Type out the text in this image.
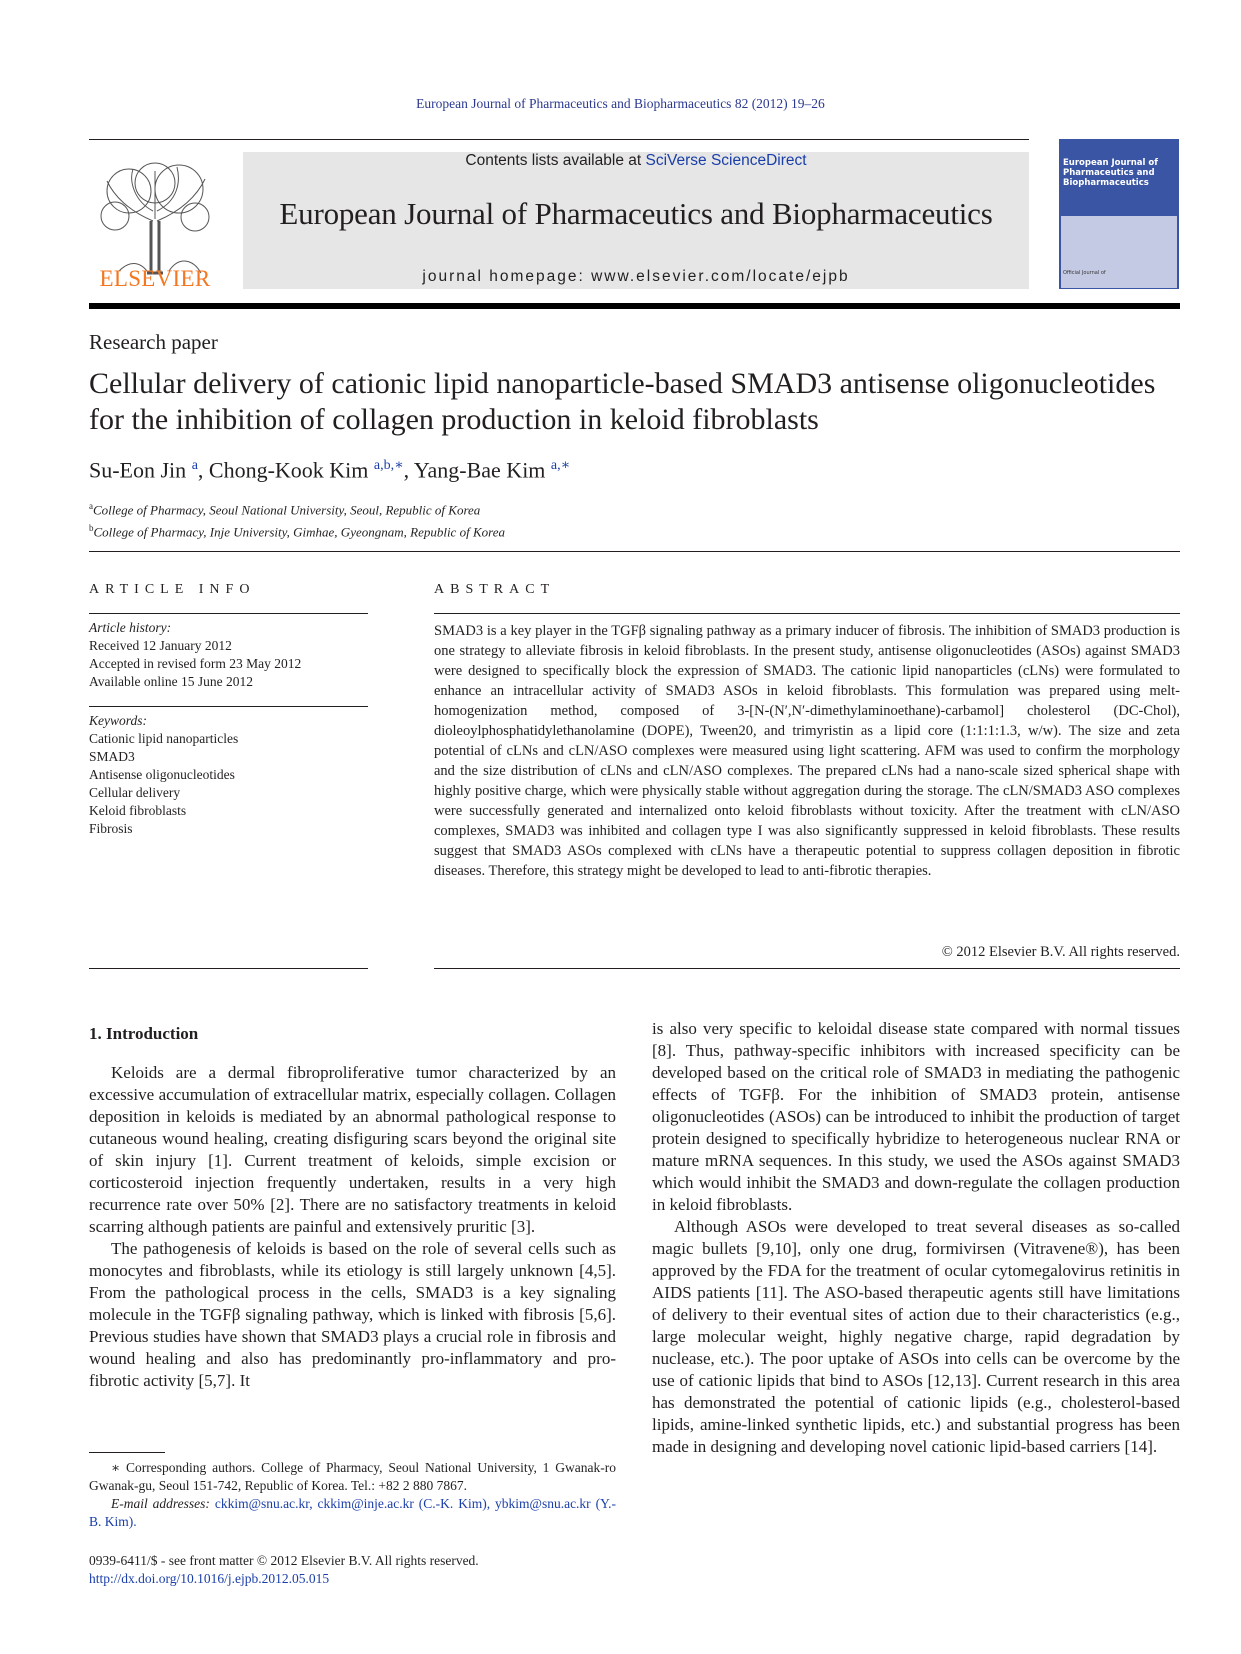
European Journal of Pharmaceutics and Biopharmaceutics 82 (2012) 19–26
ELSEVIER
Contents lists available at SciVerse ScienceDirect
European Journal of Pharmaceutics and Biopharmaceutics
journal homepage: www.elsevier.com/locate/ejpb
European Journal of Pharmaceutics and Biopharmaceutics
Official Journal of
Research paper
Cellular delivery of cationic lipid nanoparticle-based SMAD3 antisense oligonucleotides for the inhibition of collagen production in keloid fibroblasts
Su-Eon Jin $^a$, Chong-Kook Kim $^{a,b,∗}$, Yang-Bae Kim $^{a,∗}$
$^a$College of Pharmacy, Seoul National University, Seoul, Republic of Korea
$^b$College of Pharmacy, Inje University, Gimhae, Gyeongnam, Republic of Korea
ARTICLE INFO
Article history:
Received 12 January 2012
Accepted in revised form 23 May 2012
Available online 15 June 2012
Keywords:
Cationic lipid nanoparticles
SMAD3
Antisense oligonucleotides
Cellular delivery
Keloid fibroblasts
Fibrosis
ABSTRACT
SMAD3 is a key player in the TGFβ signaling pathway as a primary inducer of fibrosis. The inhibition of SMAD3 production is one strategy to alleviate fibrosis in keloid fibroblasts. In the present study, antisense oligonucleotides (ASOs) against SMAD3 were designed to specifically block the expression of SMAD3. The cationic lipid nanoparticles (cLNs) were formulated to enhance an intracellular activity of SMAD3 ASOs in keloid fibroblasts. This formulation was prepared using melt-homogenization method, composed of 3-[N-(N′,N′-dimethylaminoethane)-carbamol] cholesterol (DC-Chol), dioleoylphosphatidylethanolamine (DOPE), Tween20, and trimyristin as a lipid core (1:1:1:1.3, w/w). The size and zeta potential of cLNs and cLN/ASO complexes were measured using light scattering. AFM was used to confirm the morphology and the size distribution of cLNs and cLN/ASO complexes. The prepared cLNs had a nano-scale sized spherical shape with highly positive charge, which were physically stable without aggregation during the storage. The cLN/SMAD3 ASO complexes were successfully generated and internalized onto keloid fibroblasts without toxicity. After the treatment with cLN/ASO complexes, SMAD3 was inhibited and collagen type I was also significantly suppressed in keloid fibroblasts. These results suggest that SMAD3 ASOs complexed with cLNs have a therapeutic potential to suppress collagen deposition in fibrotic diseases. Therefore, this strategy might be developed to lead to anti-fibrotic therapies.
© 2012 Elsevier B.V. All rights reserved.
1. Introduction

Keloids are a dermal fibroproliferative tumor characterized by an excessive accumulation of extracellular matrix, especially collagen. Collagen deposition in keloids is mediated by an abnormal pathological response to cutaneous wound healing, creating disfiguring scars beyond the original site of skin injury [1]. Current treatment of keloids, simple excision or corticosteroid injection frequently undertaken, results in a very high recurrence rate over 50% [2]. There are no satisfactory treatments in keloid scarring although patients are painful and extensively pruritic [3].

The pathogenesis of keloids is based on the role of several cells such as monocytes and fibroblasts, while its etiology is still largely unknown [4,5]. From the pathological process in the cells, SMAD3 is a key signaling molecule in the TGFβ signaling pathway, which is linked with fibrosis [5,6]. Previous studies have shown that SMAD3 plays a crucial role in fibrosis and wound healing and also has predominantly pro-inflammatory and pro-fibrotic activity [5,7]. It

is also very specific to keloidal disease state compared with normal tissues [8]. Thus, pathway-specific inhibitors with increased specificity can be developed based on the critical role of SMAD3 in mediating the pathogenic effects of TGFβ. For the inhibition of SMAD3 protein, antisense oligonucleotides (ASOs) can be introduced to inhibit the production of target protein designed to specifically hybridize to heterogeneous nuclear RNA or mature mRNA sequences. In this study, we used the ASOs against SMAD3 which would inhibit the SMAD3 and down-regulate the collagen production in keloid fibroblasts.

Although ASOs were developed to treat several diseases as so-called magic bullets [9,10], only one drug, formivirsen (Vitravene®), has been approved by the FDA for the treatment of ocular cytomegalovirus retinitis in AIDS patients [11]. The ASO-based therapeutic agents still have limitations of delivery to their eventual sites of action due to their characteristics (e.g., large molecular weight, highly negative charge, rapid degradation by nuclease, etc.). The poor uptake of ASOs into cells can be overcome by the use of cationic lipids that bind to ASOs [12,13]. Current research in this area has demonstrated the potential of cationic lipids (e.g., cholesterol-based lipids, amine-linked synthetic lipids, etc.) and substantial progress has been made in designing and developing novel cationic lipid-based carriers [14].

∗ Corresponding authors. College of Pharmacy, Seoul National University, 1 Gwanak-ro Gwanak-gu, Seoul 151-742, Republic of Korea. Tel.: +82 2 880 7867.

E-mail addresses: ckkim@snu.ac.kr, ckkim@inje.ac.kr (C.-K. Kim), ybkim@snu.ac.kr (Y.-B. Kim).

0939-6411/$ - see front matter © 2012 Elsevier B.V. All rights reserved.
http://dx.doi.org/10.1016/j.ejpb.2012.05.015
